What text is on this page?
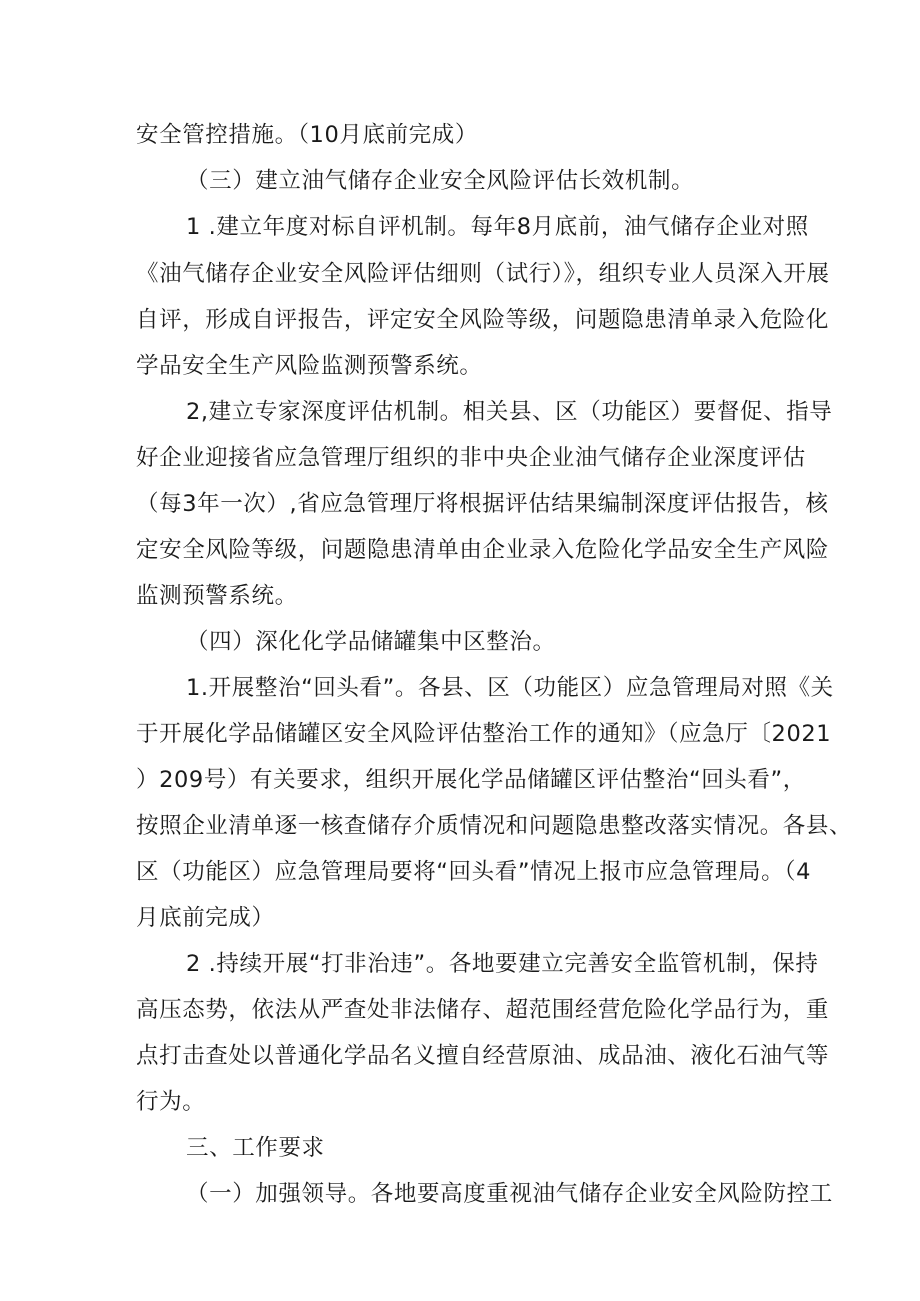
安全管控措施。（10月底前完成）
（三）建立油气储存企业安全风险评估长效机制。
1 .建立年度对标自评机制。每年8月底前，油气储存企业对照
《油气储存企业安全风险评估细则（试行）》，组织专业人员深入开展
自评，形成自评报告，评定安全风险等级，问题隐患清单录入危险化
学品安全生产风险监测预警系统。
2,建立专家深度评估机制。相关县、区（功能区）要督促、指导
好企业迎接省应急管理厅组织的非中央企业油气储存企业深度评估
（每3年一次）,省应急管理厅将根据评估结果编制深度评估报告，核
定安全风险等级，问题隐患清单由企业录入危险化学品安全生产风险
监测预警系统。
（四）深化化学品储罐集中区整治。
1.开展整治“回头看”。各县、区（功能区）应急管理局对照《关
于开展化学品储罐区安全风险评估整治工作的通知》（应急厅〔2021
）209号）有关要求，组织开展化学品储罐区评估整治“回头看”，
按照企业清单逐一核查储存介质情况和问题隐患整改落实情况。各县、
区（功能区）应急管理局要将“回头看”情况上报市应急管理局。（4
月底前完成）
2 .持续开展“打非治违”。各地要建立完善安全监管机制，保持
高压态势，依法从严查处非法储存、超范围经营危险化学品行为，重
点打击查处以普通化学品名义擅自经营原油、成品油、液化石油气等
行为。
三、工作要求
（一）加强领导。各地要高度重视油气储存企业安全风险防控工
